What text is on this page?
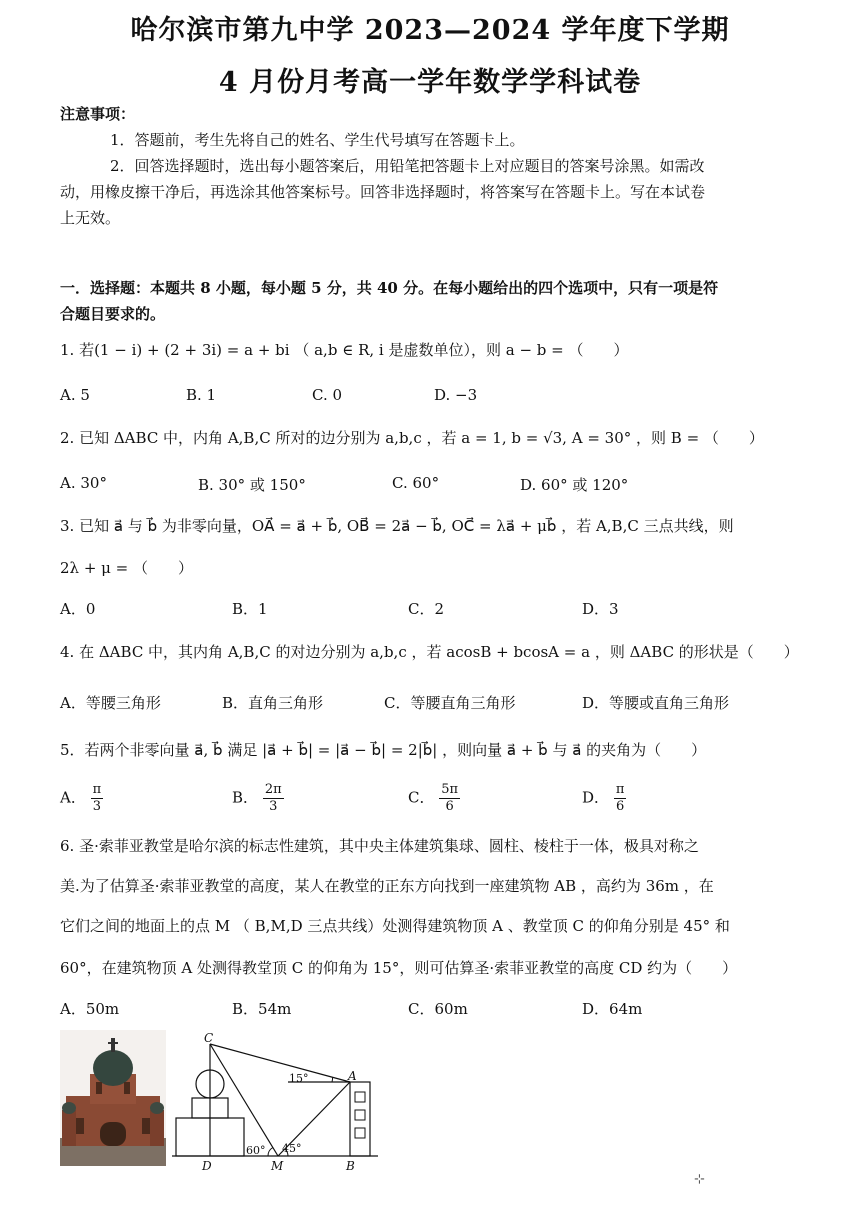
哈尔滨市第九中学 2023—2024 学年度下学期
4 月份月考高一学年数学学科试卷
注意事项：
1．答题前，考生先将自己的姓名、学生代号填写在答题卡上。
2．回答选择题时，选出每小题答案后，用铅笔把答题卡上对应题目的答案号涂黑。如需改
动，用橡皮擦干净后，再选涂其他答案标号。回答非选择题时，将答案写在答题卡上。写在本试卷
上无效。
一．选择题：本题共 8 小题，每小题 5 分，共 40 分。在每小题给出的四个选项中，只有一项是符
合题目要求的。
1. 若(1 − i) + (2 + 3i) = a + bi （ a,b ∈ R, i 是虚数单位），则 a − b = （　　）
A. 5	B. 1	C. 0	D. −3
2. 已知 ΔABC 中，内角 A,B,C 所对的边分别为 a,b,c ，若 a = 1, b = √3, A = 30° ，则 B = （　　）
A. 30°	B. 30° 或 150°	C. 60°	D. 60° 或 120°
3. 已知 a⃗ 与 b⃗ 为非零向量，OA⃗ = a⃗ + b⃗, OB⃗ = 2a⃗ − b⃗, OC⃗ = λa⃗ + μb⃗ ，若 A,B,C 三点共线，则
2λ + μ = （　　）
A．0	B．1	C．2	D．3
4. 在 ΔABC 中，其内角 A,B,C 的对边分别为 a,b,c ，若 acosB + bcosA = a ，则 ΔABC 的形状是（　　）
A．等腰三角形	B．直角三角形	C．等腰直角三角形	D．等腰或直角三角形
5．若两个非零向量 a⃗, b⃗ 满足 |a⃗ + b⃗| = |a⃗ − b⃗| = 2|b⃗| ，则向量 a⃗ + b⃗ 与 a⃗ 的夹角为（　　）
A． $\frac{\pi}{3}$	B． $\frac{2\pi}{3}$	C． $\frac{5\pi}{6}$	D． $\frac{\pi}{6}$
6. 圣·索菲亚教堂是哈尔滨的标志性建筑，其中央主体建筑集球、圆柱、棱柱于一体，极具对称之
美.为了估算圣·索菲亚教堂的高度，某人在教堂的正东方向找到一座建筑物 AB ，高约为 36m ，在
它们之间的地面上的点 M （ B,M,D 三点共线）处测得建筑物顶 A 、教堂顶 C 的仰角分别是 45° 和
60°，在建筑物顶 A 处测得教堂顶 C 的仰角为 15°，则可估算圣·索菲亚教堂的高度 CD 约为（　　）
A．50m	B．54m	C．60m	D．64m
C
A
D	M	B
15°
60° 45°
⊹
